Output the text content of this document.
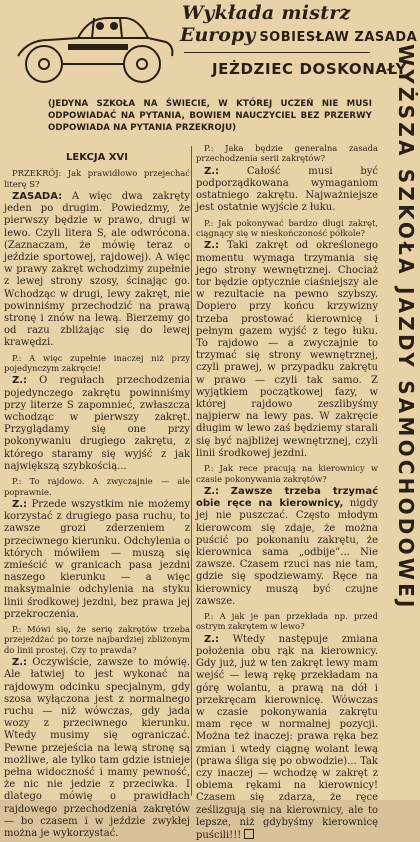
Wykłada mistrz
Europy SOBIESŁAW ZASADA
JEŻDZIEC DOSKONAŁY
WYŻSZA SZKOŁA JAZDY SAMOCHODOWEJ
(JEDYNA SZKOŁA NA ŚWIECIE, W KTÓREJ UCZEŃ NIE MUSI ODPOWIADAĆ NA PYTANIA, BOWIEM NAUCZYCIEL BEZ PRZERWY ODPOWIADA NA PYTANIA PRZEKROJU)
LEKCJA XVI

PRZEKRÓJ: Jak prawidłowo przejechać literę S?

ZASADA: A więc dwa zakręty jeden po drugim. Powiedzmy, że pierwszy będzie w prawo, drugi w lewo. Czyli litera S, ale odwrócona. (Zaznaczam, że mówię teraz o jeździe sportowej, rajdowej). A więc w prawy zakręt wchodzimy zupełnie z lewej strony szosy, ścinając go. Wchodząc w drugi, lewy zakręt, nie powinniśmy przechodzić na prawą stronę i znów na lewą. Bierzemy go od razu zbliżając się do lewej krawędzi.

P.: A więc zupełnie inaczej niż przy pojedynczym zakręcie!

Z.: O regułach przechodzenia pojedynczego zakrętu powinniśmy przy literze S zapomnieć, zwłaszcza wchodząc w pierwszy zakręt. Przyglądamy się one przy pokonywaniu drugiego zakrętu, z którego staramy się wyjść z jak największą szybkością...

P.: To rajdowo. A zwyczajnie — ale poprawnie.

Z.: Przede wszystkim nie możemy korzystać z drugiego pasa ruchu, to zawsze grozi zderzeniem z przeciwnego kierunku. Odchylenia o których mówiłem — muszą się zmieścić w granicach pasa jezdni naszego kierunku — a więc maksymalnie odchylenia na styku linii środkowej jezdni, bez prawa jej przekroczenia.

P.: Mówi się, że serię zakrętów trzeba przejeżdżać po torze najbardziej zbliżonym do linii prostej. Czy to prawda?

Z.: Oczywiście, zawsze to mówię. Ale łatwiej to jest wykonać na rajdowym odcinku specjalnym, gdy szosa wyłączona jest z normalnego ruchu — niż wówczas, gdy jada wozy z przeciwnego kierunku. Wtedy musimy się ograniczać. Pewne przejeścia na lewą stronę są możliwe, ale tylko tam gdzie istnieje pełna widoczność i mamy pewność, że nic nie jedzie z przeciwka. I dlatego mówię o prawidłach rajdowego przechodzenia zakrętów — bo czasem i w jeździe zwykłej można je wykorzystać.

P.: Jaka będzie generalna zasada przechodzenia serii zakrętów?

Z.:	Całość musi być podporządkowana wymaganiom ostatniego zakrętu. Najważniejsze jest ostatnie wyjście z łuku.

P.: Jak pokonywać bardzo długi zakręt, ciągnący się w nieskończoność półkole?

Z.: Taki zakręt od określonego momentu wymaga trzymania się jego strony wewnętrznej. Chociaż tor będzie optycznie ciaśniejszy ale w rezultacie na pewno szybszy. Dopiero przy końcu krzywizny trzeba prostować kierownicę i pełnym gazem wyjść z tego łuku. To rajdowo — a zwyczajnie to trzymać się strony wewnętrznej, czyli prawej, w przypadku zakrętu w prawo — czyli tak samo. Z wyjątkiem początkowej fazy, w której rajdowo zeszlibyśmy najpierw na lewy pas. W zakręcie długim w lewo zaś będziemy starali się być najbliżej wewnętrznej, czyli linii środkowej jezdni.

P.: Jak rece pracują na kierownicy w czasie pokonywania zakrętów?

Z.: Zawsze trzeba trzymać obie ręce na kierownicy, nigdy jej nie puszczać. Często młodym kierowcom się zdaje, że można puścić po pokonaniu zakrętu, że kierownica sama „odbije”... Nie zawsze. Czasem rzuci nas nie tam, gdzie się spodziewamy. Ręce na kierownicy muszą być czujne zawsze.

P.: A jak je pan przekłada np. przed ostrym zakrętem w lewo?

Z.: Wtedy następuje zmiana położenia obu rąk na kierownicy. Gdy już, już w ten zakręt lewy mam wejść — lewą rękę przekładam na górę wolantu, a prawą na dół i przekręcam kierownicę. Wówczas w czasie pokonywania zakrętu mam ręce w normalnej pozycji. Można też inaczej: prawa ręka bez zmian i wtedy ciągnę wolant lewą (prawa śliga się po obwodzie)... Tak czy inaczej — wchodzę w zakręt z obiema rękami na kierownicy! Czasem się zdarza, że ręce ześlizgują się na kierownicy, ale to lepsze, niż gdybyśmy kierownicę puścili!!!
